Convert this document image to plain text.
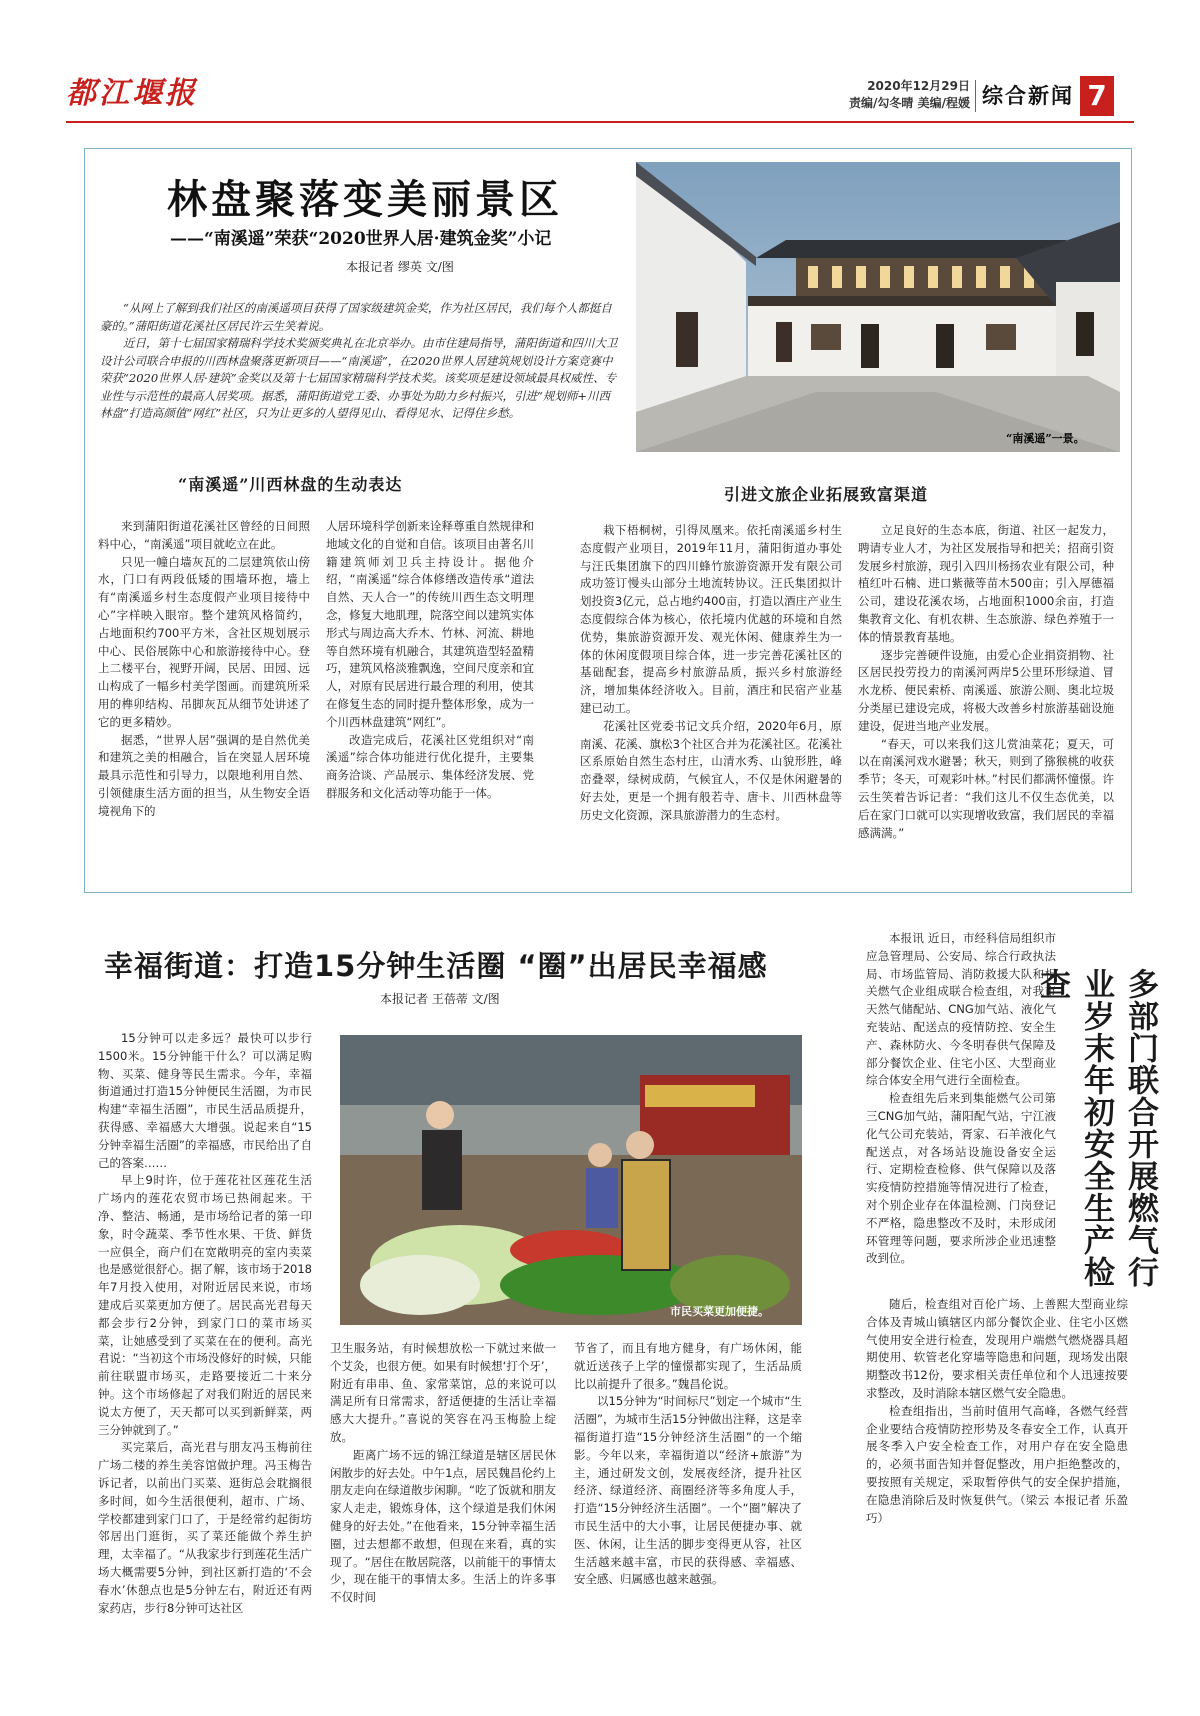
都江堰报	2020年12月29日
责编/勾冬晴 美编/程媛 综合新闻 7
林盘聚落变美丽景区
——“南溪遥”荣获“2020世界人居·建筑金奖”小记
本报记者 缪英 文/图

“从网上了解到我们社区的南溪遥项目获得了国家级建筑金奖，作为社区居民，我们每个人都挺自豪的。”蒲阳街道花溪社区居民许云生笑着说。

近日，第十七届国家精瑞科学技术奖颁奖典礼在北京举办。由市住建局指导，蒲阳街道和四川大卫设计公司联合申报的川西林盘聚落更新项目——“南溪遥”，在2020世界人居建筑规划设计方案竞赛中荣获“2020世界人居·建筑”金奖以及第十七届国家精瑞科学技术奖。该奖项是建设领域最具权威性、专业性与示范性的最高人居奖项。据悉，蒲阳街道党工委、办事处为助力乡村振兴，引进“规划师+川西林盘”打造高颜值“网红”社区，只为让更多的人望得见山、看得见水、记得住乡愁。

“南溪遥”一景。
“南溪遥”川西林盘的生动表达
引进文旅企业拓展致富渠道

来到蒲阳街道花溪社区曾经的日间照料中心，“南溪遥”项目就屹立在此。

只见一幢白墙灰瓦的二层建筑依山傍水，门口有两段低矮的围墙环抱，墙上有“南溪遥乡村生态度假产业项目接待中心”字样映入眼帘。整个建筑风格简约，占地面积约700平方米，含社区规划展示中心、民俗展陈中心和旅游接待中心。登上二楼平台，视野开阔，民居、田园、远山构成了一幅乡村美学图画。而建筑所采用的榫卯结构、吊脚灰瓦从细节处讲述了它的更多精妙。

据悉，“世界人居”强调的是自然优美和建筑之美的相融合，旨在突显人居环境最具示范性和引导力，以限地利用自然、引领健康生活方面的担当，从生物安全语境视角下的

人居环境科学创新来诠释尊重自然规律和地域文化的自觉和自信。该项目由著名川籍建筑师刘卫兵主持设计。据他介绍，“南溪遥”综合体修缮改造传承“道法自然、天人合一”的传统川西生态文明理念，修复大地肌理，院落空间以建筑实体形式与周边高大乔木、竹林、河流、耕地等自然环境有机融合，其建筑造型轻盈精巧，建筑风格淡雅飘逸，空间尺度亲和宜人，对原有民居进行最合理的利用，使其在修复生态的同时提升整体形象，成为一个川西林盘建筑“网红”。

改造完成后，花溪社区党组织对“南溪遥”综合体功能进行优化提升，主要集商务洽谈、产品展示、集体经济发展、党群服务和文化活动等功能于一体。

栽下梧桐树，引得凤凰来。依托南溪遥乡村生态度假产业项目，2019年11月，蒲阳街道办事处与汪氏集团旗下的四川蜂竹旅游资源开发有限公司成功签订慢头山部分土地流转协议。汪氏集团拟计划投资3亿元，总占地约400亩，打造以酒庄产业生态度假综合体为核心，依托境内优越的环境和自然优势，集旅游资源开发、观光休闲、健康养生为一体的休闲度假项目综合体，进一步完善花溪社区的基础配套，提高乡村旅游品质，振兴乡村旅游经济，增加集体经济收入。目前，酒庄和民宿产业基建已动工。

花溪社区党委书记文兵介绍，2020年6月，原南溪、花溪、旗松3个社区合并为花溪社区。花溪社区系原始自然生态村庄，山清水秀、山貌形胜，峰峦叠翠，绿树成荫，气候宜人，不仅是休闲避暑的好去处，更是一个拥有般若寺、唐卡、川西林盘等历史文化资源，深具旅游潜力的生态村。

立足良好的生态本底，街道、社区一起发力，聘请专业人才，为社区发展指导和把关；招商引资发展乡村旅游，现引入四川杨扬农业有限公司，种植红叶石楠、进口紫薇等苗木500亩；引入厚德福公司，建设花溪农场，占地面积1000余亩，打造集教育文化、有机农耕、生态旅游、绿色养殖于一体的情景教育基地。

逐步完善硬件设施，由爱心企业捐资捐物、社区居民投劳投力的南溪河两岸5公里环形绿道、冒水龙桥、便民索桥、南溪遥、旅游公厕、奥北垃圾分类屋已建设完成，将极大改善乡村旅游基础设施建设，促进当地产业发展。

“春天，可以来我们这儿赏油菜花；夏天，可以在南溪河戏水避暑；秋天，则到了猕猴桃的收获季节；冬天，可观彩叶林。”村民们都满怀憧憬。许云生笑着告诉记者：“我们这儿不仅生态优美，以后在家门口就可以实现增收致富，我们居民的幸福感满满。”

幸福街道：打造15分钟生活圈 “圈”出居民幸福感
本报记者 王蓓蒂 文/图
市民买菜更加便捷。

15分钟可以走多远？最快可以步行1500米。15分钟能干什么？可以满足购物、买菜、健身等民生需求。今年，幸福街道通过打造15分钟便民生活圈，为市民构建“幸福生活圈”，市民生活品质提升，获得感、幸福感大大增强。说起来自“15分钟幸福生活圈”的幸福感，市民给出了自己的答案……

早上9时许，位于莲花社区莲花生活广场内的莲花农贸市场已热闹起来。干净、整洁、畅通，是市场给记者的第一印象，时令蔬菜、季节性水果、干货、鲜货一应俱全，商户们在宽敞明亮的室内卖菜也是感觉很舒心。据了解，该市场于2018年7月投入使用，对附近居民来说，市场建成后买菜更加方便了。居民高光君每天都会步行2分钟，到家门口的菜市场买菜，让她感受到了买菜在在的便利。高光君说：“当初这个市场没修好的时候，只能前往联盟市场买，走路要接近二十来分钟。这个市场修起了对我们附近的居民来说太方便了，天天都可以买到新鲜菜，两三分钟就到了。”

买完菜后，高光君与朋友冯玉梅前往广场二楼的养生美容馆做护理。冯玉梅告诉记者，以前出门买菜、逛街总会耽搁很多时间，如今生活很便利，超市、广场、学校都建到家门口了，于是经常约起街坊邻居出门逛街，买了菜还能做个养生护理，太幸福了。“从我家步行到莲花生活广场大概需要5分钟，到社区新打造的‘不会春水’休憩点也是5分钟左右，附近还有两家药店，步行8分钟可达社区

卫生服务站，有时候想放松一下就过来做一个艾灸，也很方便。如果有时候想‘打个牙’，附近有串串、鱼、家常菜馆，总的来说可以满足所有日常需求，舒适便捷的生活让幸福感大大提升。”喜说的笑容在冯玉梅脸上绽放。

距离广场不远的锦江绿道是辖区居民休闲散步的好去处。中午1点，居民魏昌伦约上朋友走向在绿道散步闲聊。“吃了饭就和朋友家人走走，锻炼身体，这个绿道是我们休闲健身的好去处。”在他看来，15分钟幸福生活圈，过去想都不敢想，但现在来看，真的实现了。“居住在散居院落，以前能干的事情太少，现在能干的事情太多。生活上的许多事不仅时间

节省了，而且有地方健身，有广场休闲，能就近送孩子上学的憧憬都实现了，生活品质比以前提升了很多。”魏昌伦说。

以15分钟为“时间标尺”划定一个城市“生活圈”，为城市生活15分钟做出注释，这是幸福街道打造“15分钟经济生活圈”的一个缩影。今年以来，幸福街道以“经济+旅游”为主，通过研发文创，发展夜经济，提升社区经济、绿道经济、商圈经济等多角度人手，打造“15分钟经济生活圈”。一个“圈”解决了市民生活中的大小事，让居民便捷办事、就医、休闲，让生活的脚步变得更从容，社区生活越来越丰富，市民的获得感、幸福感、安全感、归属感也越来越强。

多部门联合开展燃气行业岁末年初安全生产检查

本报讯 近日，市经科信局组织市应急管理局、公安局、综合行政执法局、市场监管局、消防救援大队和相关燃气企业组成联合检查组，对我市天然气储配站、CNG加气站、液化气充装站、配送点的疫情防控、安全生产、森林防火、今冬明春供气保障及部分餐饮企业、住宅小区、大型商业综合体安全用气进行全面检查。

检查组先后来到集能燃气公司第三CNG加气站，蒲阳配气站，宁江液化气公司充装站，胥家、石羊液化气配送点，对各场站设施设备安全运行、定期检查检修、供气保障以及落实疫情防控措施等情况进行了检查，对个别企业存在体温检测、门岗登记不严格，隐患整改不及时，未形成闭环管理等问题，要求所涉企业迅速整改到位。

随后，检查组对百伦广场、上善熙大型商业综合体及青城山镇辖区内部分餐饮企业、住宅小区燃气使用安全进行检查，发现用户端燃气燃烧器具超期使用、软管老化穿墙等隐患和问题，现场发出限期整改书12份，要求相关责任单位和个人迅速按要求整改，及时消除本辖区燃气安全隐患。

检查组指出，当前时值用气高峰，各燃气经营企业要结合疫情防控形势及冬春安全工作，认真开展冬季入户安全检查工作，对用户存在安全隐患的，必须书面告知并督促整改，用户拒绝整改的，要按照有关规定，采取暂停供气的安全保护措施，在隐患消除后及时恢复供气。（梁云 本报记者 乐盈巧）
